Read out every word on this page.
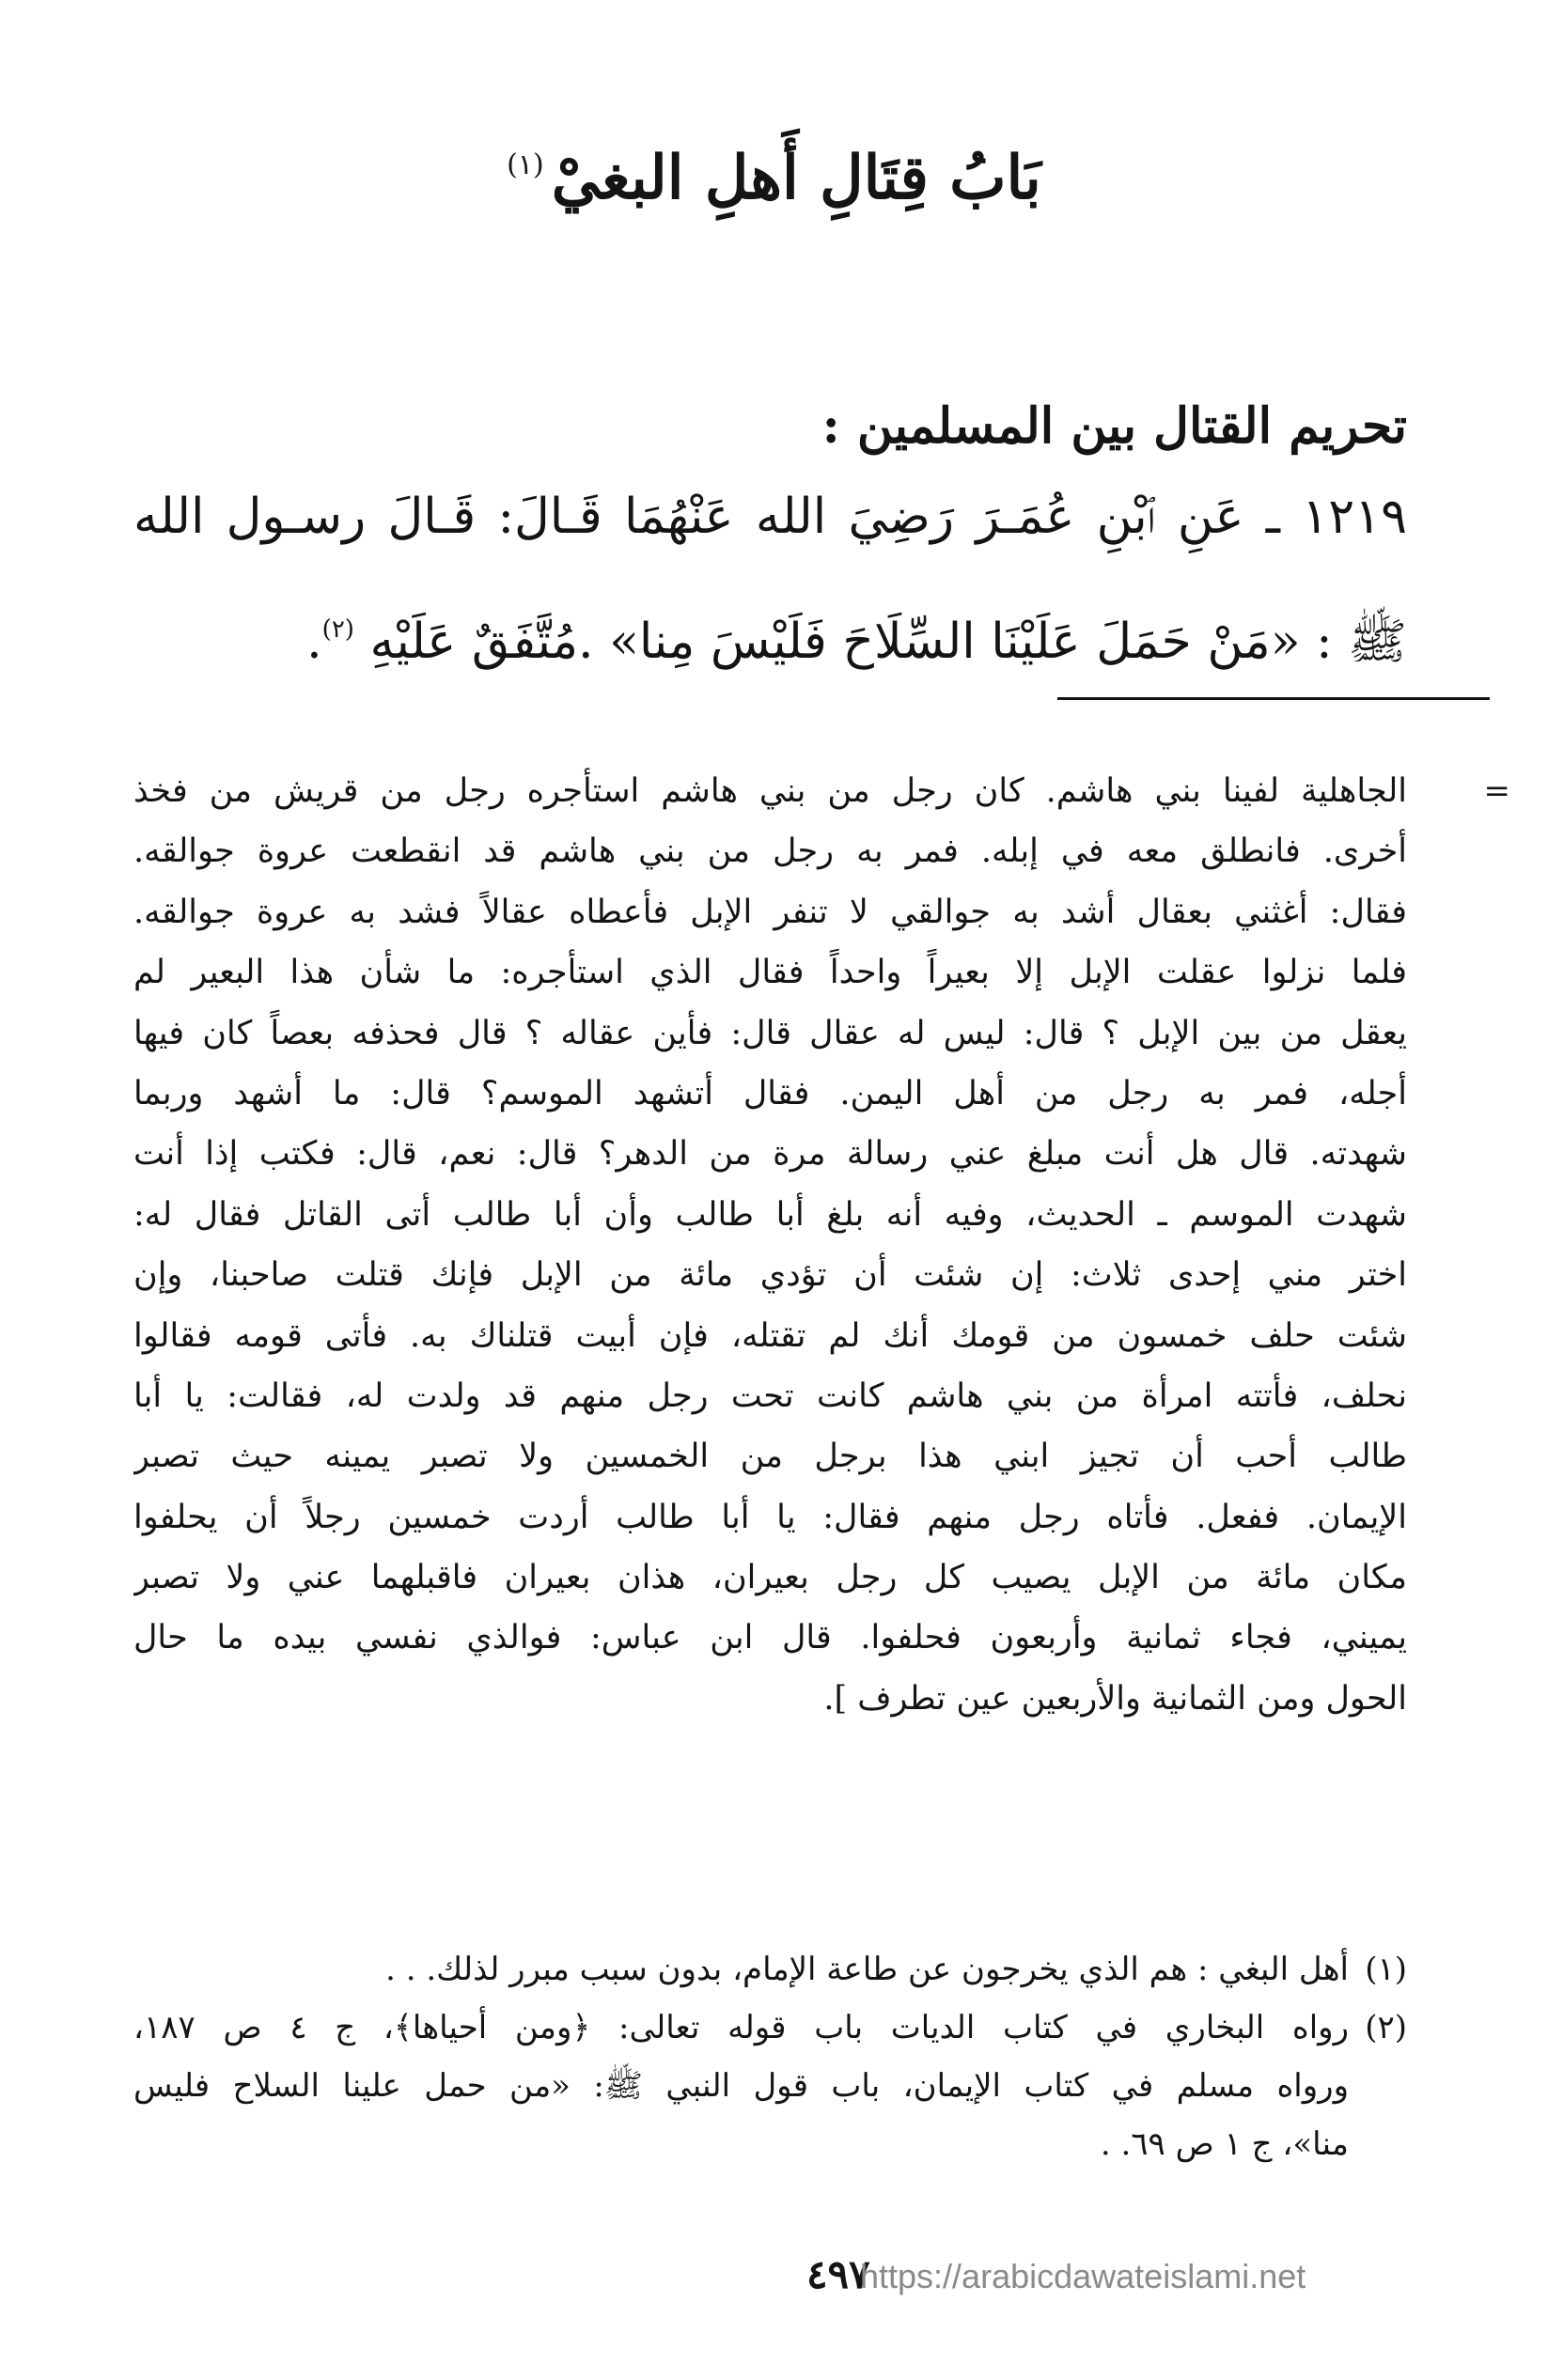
بَابُ قِتَالِ أَهلِ البغيْ$^{(١)}$
تحريم القتال بين المسلمين :
١٢١٩ ـ عَنِ ٱبْنِ عُمَـرَ رَضِيَ الله عَنْهُمَا قَـالَ: قَـالَ رسـول الله ﷺ : «مَنْ حَمَلَ عَلَيْنَا السِّلَاحَ فَلَيْسَ مِنا» .مُتَّفَقٌ عَلَيْهِ $^{(٢)}$.
=

الجاهلية لفينا بني هاشم. كان رجل من بني هاشم استأجره رجل من قريش من فخذ
أخرى. فانطلق معه في إبله. فمر به رجل من بني هاشم قد انقطعت عروة جوالقه.
فقال: أغثني بعقال أشد به جوالقي لا تنفر الإبل فأعطاه عقالاً فشد به عروة جوالقه.
فلما نزلوا عقلت الإبل إلا بعيراً واحداً فقال الذي استأجره: ما شأن هذا البعير لم
يعقل من بين الإبل ؟ قال: ليس له عقال قال: فأين عقاله ؟ قال فحذفه بعصاً كان فيها
أجله، فمر به رجل من أهل اليمن. فقال أتشهد الموسم؟ قال: ما أشهد وربما
شهدته. قال هل أنت مبلغ عني رسالة مرة من الدهر؟ قال: نعم، قال: فكتب إذا أنت
شهدت الموسم ـ الحديث، وفيه أنه بلغ أبا طالب وأن أبا طالب أتى القاتل فقال له:
اختر مني إحدى ثلاث: إن شئت أن تؤدي مائة من الإبل فإنك قتلت صاحبنا، وإن
شئت حلف خمسون من قومك أنك لم تقتله، فإن أبيت قتلناك به. فأتى قومه فقالوا
نحلف، فأتته امرأة من بني هاشم كانت تحت رجل منهم قد ولدت له، فقالت: يا أبا
طالب أحب أن تجيز ابني هذا برجل من الخمسين ولا تصبر يمينه حيث تصبر
الإيمان. ففعل. فأتاه رجل منهم فقال: يا أبا طالب أردت خمسين رجلاً أن يحلفوا
مكان مائة من الإبل يصيب كل رجل بعيران، هذان بعيران فاقبلهما عني ولا تصبر
يميني، فجاء ثمانية وأربعون فحلفوا. قال ابن عباس: فوالذي نفسي بيده ما حال
الحول ومن الثمانية والأربعين عين تطرف ].

(١)
أهل البغي : هم الذي يخرجون عن طاعة الإمام، بدون سبب مبرر لذلك. . .
(٢)
رواه البخاري في كتاب الديات باب قوله تعالى: ﴿ومن أحياها﴾، ج ٤ ص ١٨٧،
ورواه مسلم في كتاب الإيمان، باب قول النبي ﷺ: «من حمل علينا السلاح فليس
منا»، ج ١ ص ٦٩. .
٤٩٧
https://arabicdawateislami.net
